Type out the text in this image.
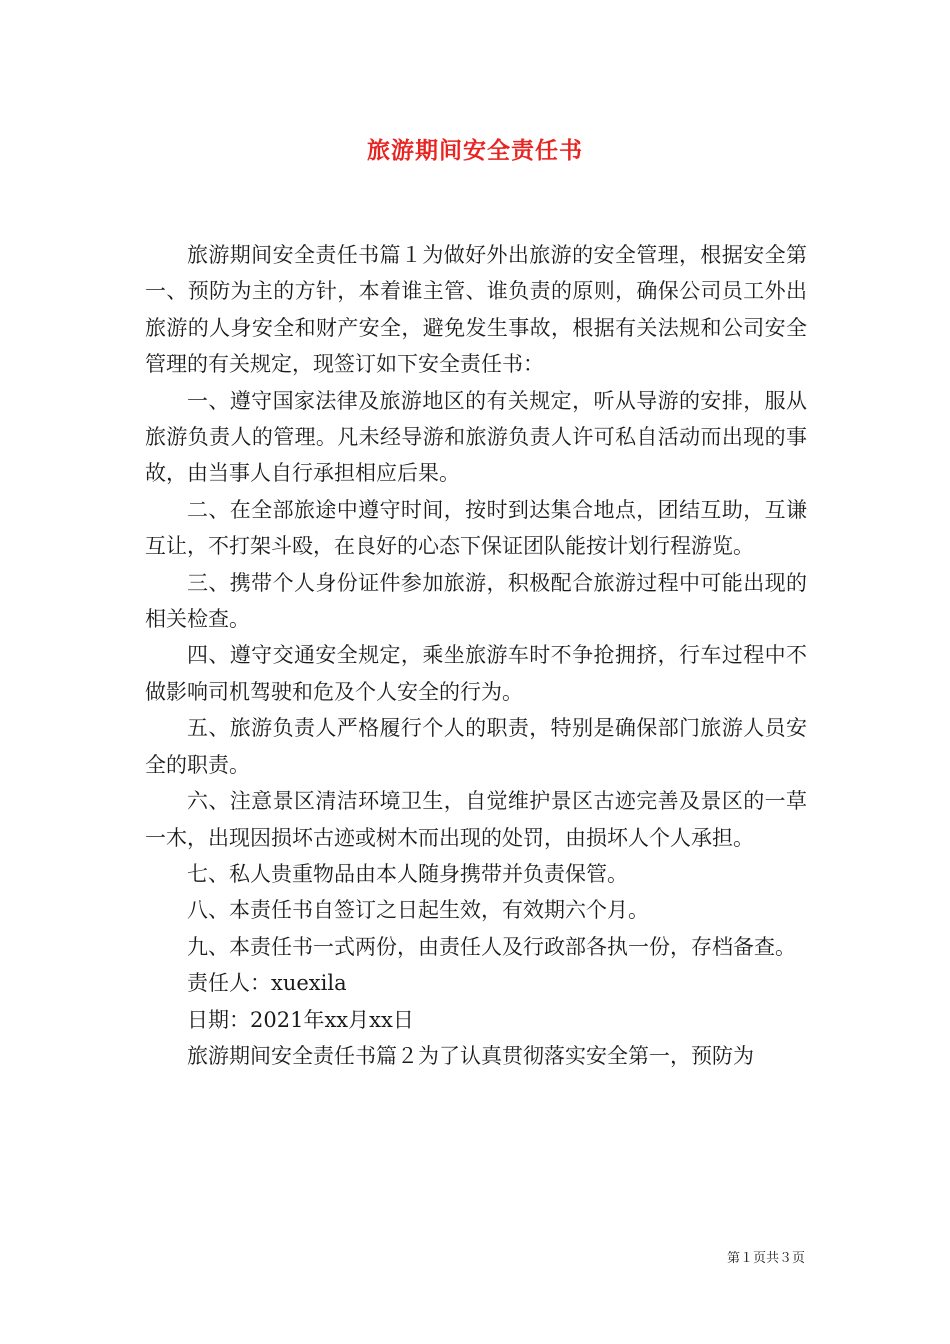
旅游期间安全责任书

旅游期间安全责任书篇１为做好外出旅游的安全管理，根据安全第一、预防为主的方针，本着谁主管、谁负责的原则，确保公司员工外出旅游的人身安全和财产安全，避免发生事故，根据有关法规和公司安全管理的有关规定，现签订如下安全责任书：

一、遵守国家法律及旅游地区的有关规定，听从导游的安排，服从旅游负责人的管理。凡未经导游和旅游负责人许可私自活动而出现的事故，由当事人自行承担相应后果。

二、在全部旅途中遵守时间，按时到达集合地点，团结互助，互谦互让，不打架斗殴，在良好的心态下保证团队能按计划行程游览。

三、携带个人身份证件参加旅游，积极配合旅游过程中可能出现的相关检查。

四、遵守交通安全规定，乘坐旅游车时不争抢拥挤，行车过程中不做影响司机驾驶和危及个人安全的行为。

五、旅游负责人严格履行个人的职责，特别是确保部门旅游人员安全的职责。

六、注意景区清洁环境卫生，自觉维护景区古迹完善及景区的一草一木，出现因损坏古迹或树木而出现的处罚，由损坏人个人承担。

七、私人贵重物品由本人随身携带并负责保管。

八、本责任书自签订之日起生效，有效期六个月。

九、本责任书一式两份，由责任人及行政部各执一份，存档备查。

责任人：xuexila

日期：2021年xx月xx日

旅游期间安全责任书篇２为了认真贯彻落实安全第一，预防为

第１页共３页
